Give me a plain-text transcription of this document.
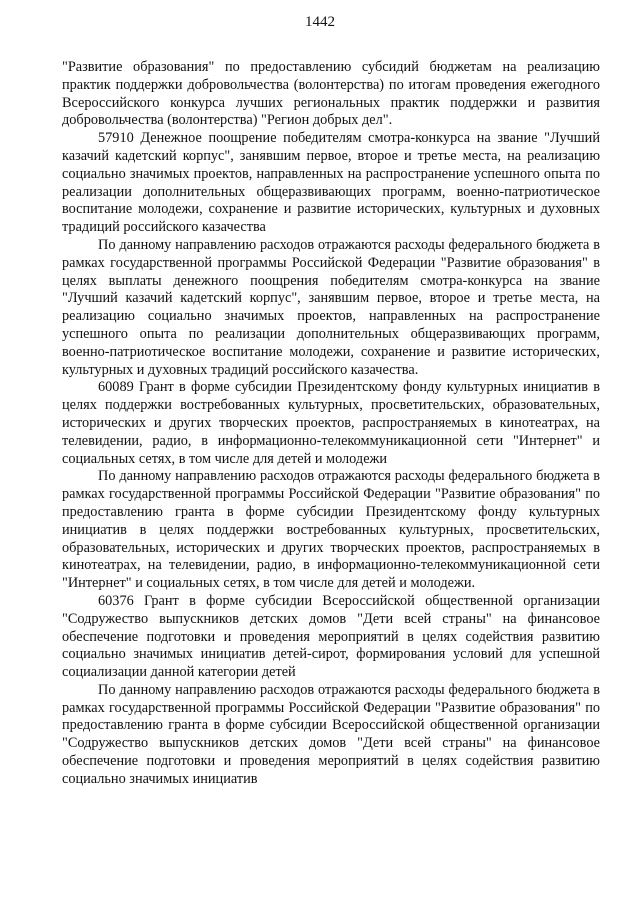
1442

"Развитие образования" по предоставлению субсидий бюджетам на реализацию практик поддержки добровольчества (волонтерства) по итогам проведения ежегодного Всероссийского конкурса лучших региональных практик поддержки и развития добровольчества (волонтерства) "Регион добрых дел".

57910 Денежное поощрение победителям смотра-конкурса на звание "Лучший казачий кадетский корпус", занявшим первое, второе и третье места, на реализацию социально значимых проектов, направленных на распространение успешного опыта по реализации дополнительных общеразвивающих программ, военно-патриотическое воспитание молодежи, сохранение и развитие исторических, культурных и духовных традиций российского казачества

По данному направлению расходов отражаются расходы федерального бюджета в рамках государственной программы Российской Федерации "Развитие образования" в целях выплаты денежного поощрения победителям смотра-конкурса на звание "Лучший казачий кадетский корпус", занявшим первое, второе и третье места, на реализацию социально значимых проектов, направленных на распространение успешного опыта по реализации дополнительных общеразвивающих программ, военно-патриотическое воспитание молодежи, сохранение и развитие исторических, культурных и духовных традиций российского казачества.

60089 Грант в форме субсидии Президентскому фонду культурных инициатив в целях поддержки востребованных культурных, просветительских, образовательных, исторических и других творческих проектов, распространяемых в кинотеатрах, на телевидении, радио, в информационно-телекоммуникационной сети "Интернет" и социальных сетях, в том числе для детей и молодежи

По данному направлению расходов отражаются расходы федерального бюджета в рамках государственной программы Российской Федерации "Развитие образования" по предоставлению гранта в форме субсидии Президентскому фонду культурных инициатив в целях поддержки востребованных культурных, просветительских, образовательных, исторических и других творческих проектов, распространяемых в кинотеатрах, на телевидении, радио, в информационно-телекоммуникационной сети "Интернет" и социальных сетях, в том числе для детей и молодежи.

60376 Грант в форме субсидии Всероссийской общественной организации "Содружество выпускников детских домов "Дети всей страны" на финансовое обеспечение подготовки и проведения мероприятий в целях содействия развитию социально значимых инициатив детей-сирот, формирования условий для успешной социализации данной категории детей

По данному направлению расходов отражаются расходы федерального бюджета в рамках государственной программы Российской Федерации "Развитие образования" по предоставлению гранта в форме субсидии Всероссийской общественной организации "Содружество выпускников детских домов "Дети всей страны" на финансовое обеспечение подготовки и проведения мероприятий в целях содействия развитию социально значимых инициатив
